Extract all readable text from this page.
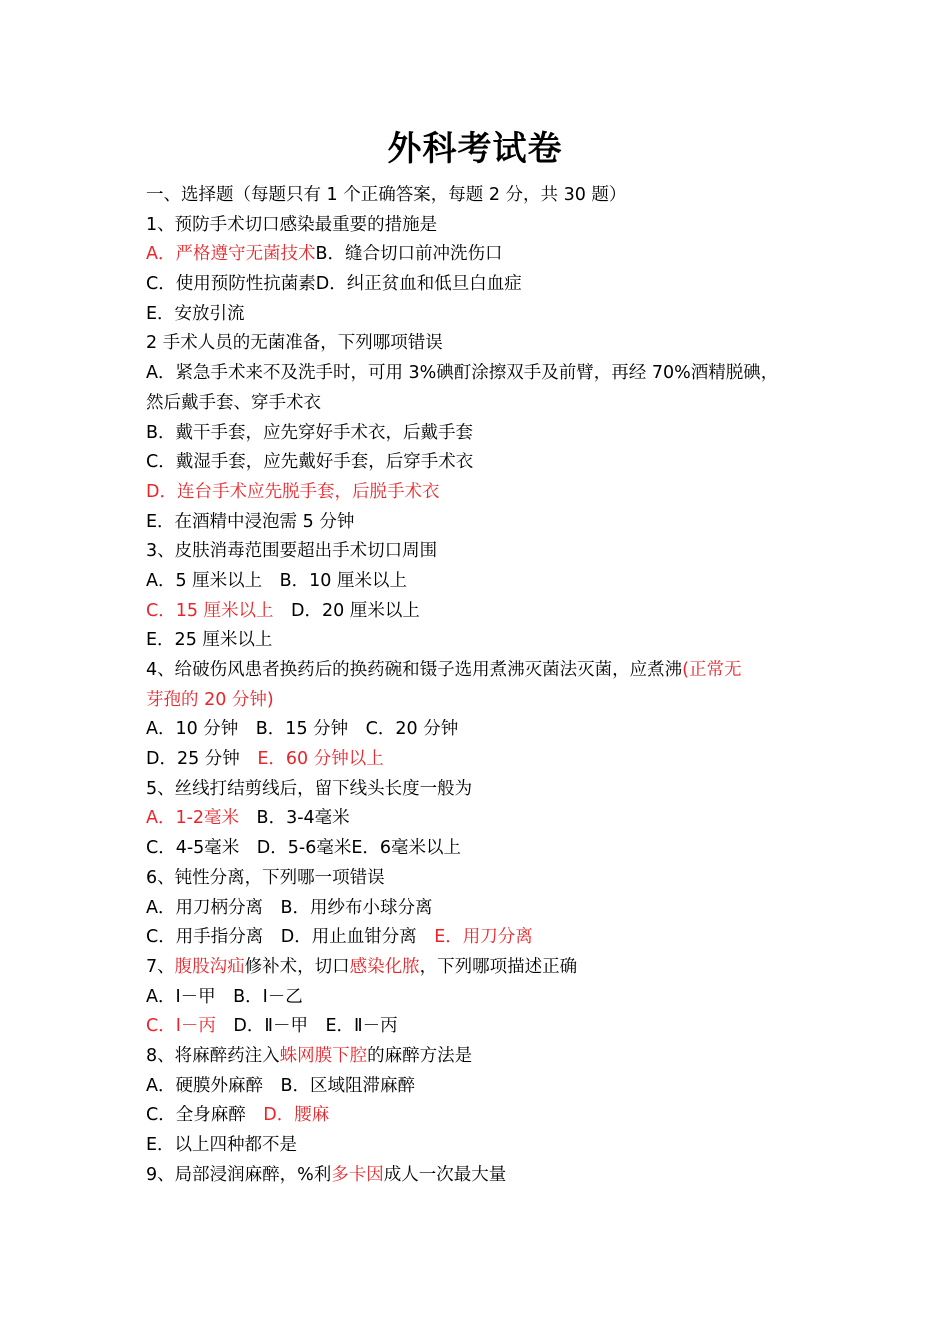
外科考试卷
一、选择题（每题只有 1 个正确答案，每题 2 分，共 30 题）
1、预防手术切口感染最重要的措施是
A．严格遵守无菌技术B．缝合切口前冲洗伤口
C．使用预防性抗菌素D．纠正贫血和低旦白血症
E．安放引流
2 手术人员的无菌准备，下列哪项错误
A．紧急手术来不及洗手时，可用 3%碘酊涂擦双手及前臂，再经 70%酒精脱碘，
然后戴手套、穿手术衣
B．戴干手套，应先穿好手术衣，后戴手套
C．戴湿手套，应先戴好手套，后穿手术衣
D．连台手术应先脱手套，后脱手术衣
E．在酒精中浸泡需 5 分钟
3、皮肤消毒范围要超出手术切口周围
A．5 厘米以上　B．10 厘米以上
C．15 厘米以上　D．20 厘米以上
E．25 厘米以上
4、给破伤风患者换药后的换药碗和镊子选用煮沸灭菌法灭菌，应煮沸(正常无
芽孢的 20 分钟)
A．10 分钟　B．15 分钟　C．20 分钟
D．25 分钟　E．60 分钟以上
5、丝线打结剪线后，留下线头长度一般为
A．1-2毫米　B．3-4毫米
C．4-5毫米　D．5-6毫米E．6毫米以上
6、钝性分离，下列哪一项错误
A．用刀柄分离　B．用纱布小球分离
C．用手指分离　D．用止血钳分离　E．用刀分离
7、腹股沟疝修补术，切口感染化脓，下列哪项描述正确
A．Ⅰ－甲　B．Ⅰ－乙
C．Ⅰ－丙　D．Ⅱ－甲　E．Ⅱ－丙
8、将麻醉药注入蛛网膜下腔的麻醉方法是
A．硬膜外麻醉　B．区域阻滞麻醉
C．全身麻醉　D．腰麻
E．以上四种都不是
9、局部浸润麻醉，%利多卡因成人一次最大量
